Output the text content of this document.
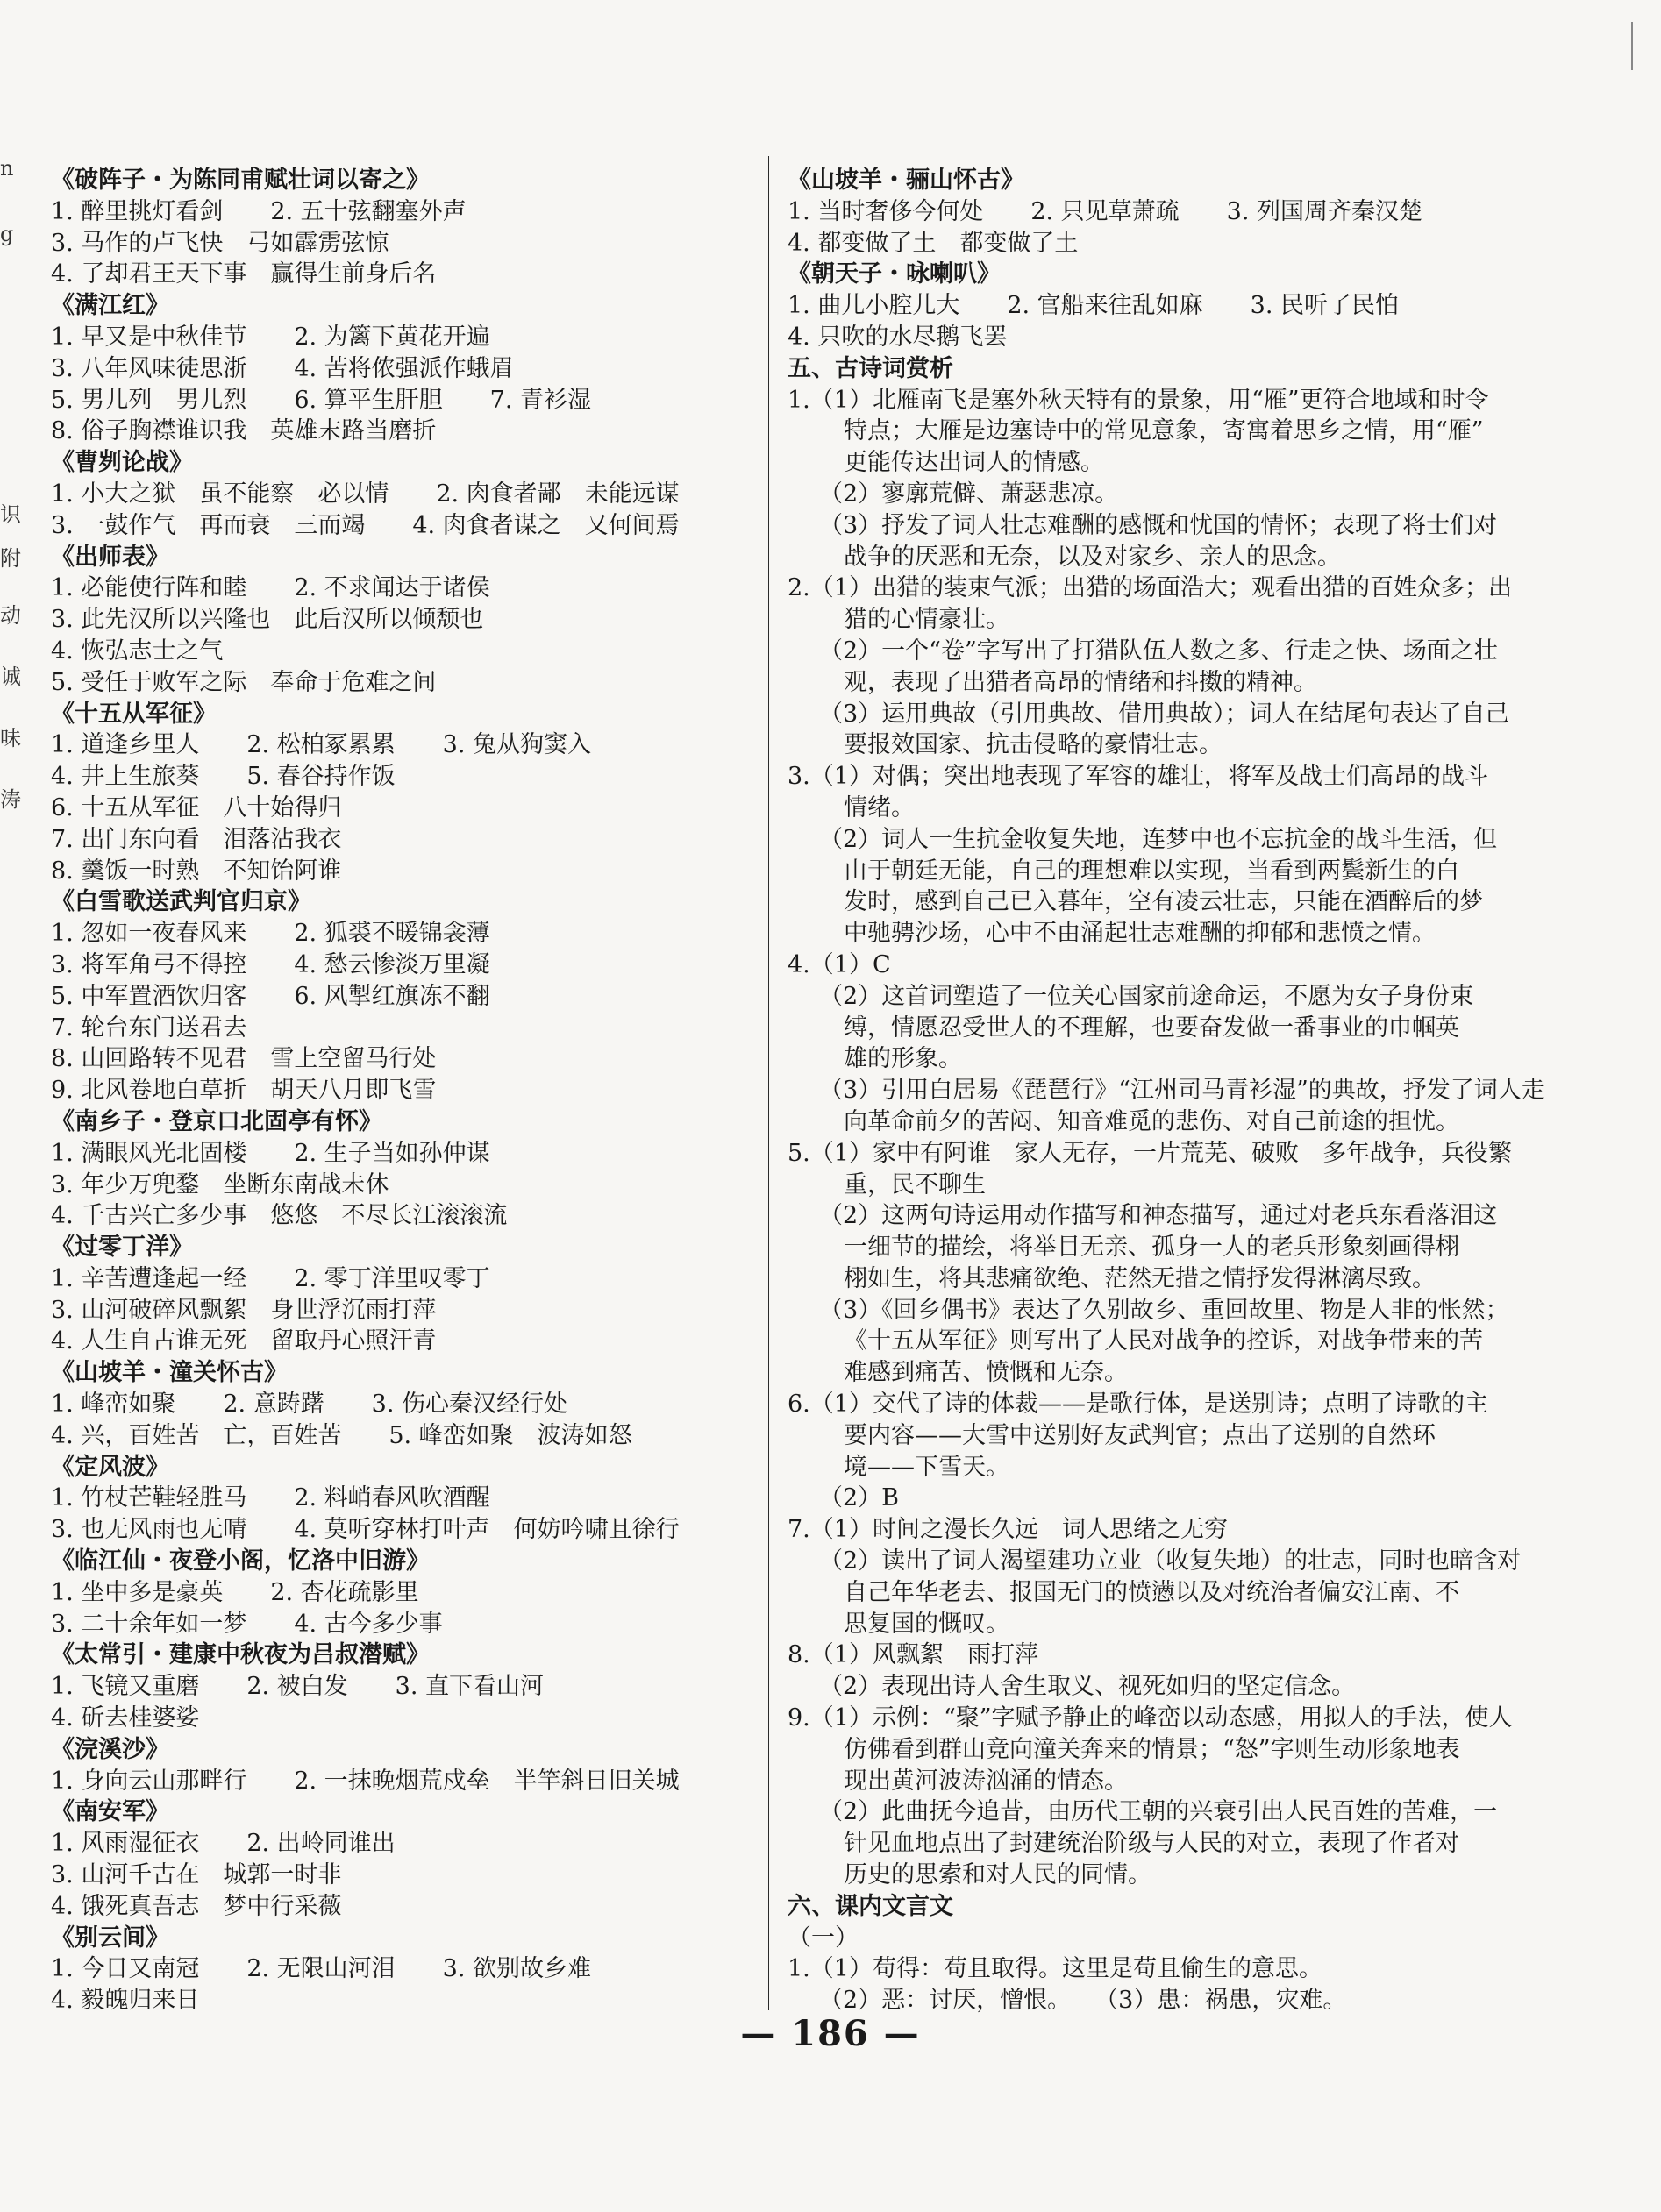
n
g
识
附
动
诚
味
涛
《破阵子・为陈同甫赋壮词以寄之》
1. 醉里挑灯看剑　　2. 五十弦翻塞外声
3. 马作的卢飞快　弓如霹雳弦惊
4. 了却君王天下事　赢得生前身后名
《满江红》
1. 早又是中秋佳节　　2. 为篱下黄花开遍
3. 八年风味徒思浙　　4. 苦将侬强派作蛾眉
5. 男儿列　男儿烈　　6. 算平生肝胆　　7. 青衫湿
8. 俗子胸襟谁识我　英雄末路当磨折
《曹刿论战》
1. 小大之狱　虽不能察　必以情　　2. 肉食者鄙　未能远谋
3. 一鼓作气　再而衰　三而竭　　4. 肉食者谋之　又何间焉
《出师表》
1. 必能使行阵和睦　　2. 不求闻达于诸侯
3. 此先汉所以兴隆也　此后汉所以倾颓也
4. 恢弘志士之气
5. 受任于败军之际　奉命于危难之间
《十五从军征》
1. 道逢乡里人　　2. 松柏冢累累　　3. 兔从狗窦入
4. 井上生旅葵　　5. 春谷持作饭
6. 十五从军征　八十始得归
7. 出门东向看　泪落沾我衣
8. 羹饭一时熟　不知饴阿谁
《白雪歌送武判官归京》
1. 忽如一夜春风来　　2. 狐裘不暖锦衾薄
3. 将军角弓不得控　　4. 愁云惨淡万里凝
5. 中军置酒饮归客　　6. 风掣红旗冻不翻
7. 轮台东门送君去
8. 山回路转不见君　雪上空留马行处
9. 北风卷地白草折　胡天八月即飞雪
《南乡子・登京口北固亭有怀》
1. 满眼风光北固楼　　2. 生子当如孙仲谋
3. 年少万兜鍪　坐断东南战未休
4. 千古兴亡多少事　悠悠　不尽长江滚滚流
《过零丁洋》
1. 辛苦遭逢起一经　　2. 零丁洋里叹零丁
3. 山河破碎风飘絮　身世浮沉雨打萍
4. 人生自古谁无死　留取丹心照汗青
《山坡羊・潼关怀古》
1. 峰峦如聚　　2. 意踌躇　　3. 伤心秦汉经行处
4. 兴，百姓苦　亡，百姓苦　　5. 峰峦如聚　波涛如怒
《定风波》
1. 竹杖芒鞋轻胜马　　2. 料峭春风吹酒醒
3. 也无风雨也无晴　　4. 莫听穿林打叶声　何妨吟啸且徐行
《临江仙・夜登小阁，忆洛中旧游》
1. 坐中多是豪英　　2. 杏花疏影里
3. 二十余年如一梦　　4. 古今多少事
《太常引・建康中秋夜为吕叔潜赋》
1. 飞镜又重磨　　2. 被白发　　3. 直下看山河
4. 斫去桂婆娑
《浣溪沙》
1. 身向云山那畔行　　2. 一抹晚烟荒戍垒　半竿斜日旧关城
《南安军》
1. 风雨湿征衣　　2. 出岭同谁出
3. 山河千古在　城郭一时非
4. 饿死真吾志　梦中行采薇
《别云间》
1. 今日又南冠　　2. 无限山河泪　　3. 欲别故乡难
4. 毅魄归来日
《山坡羊・骊山怀古》
1. 当时奢侈今何处　　2. 只见草萧疏　　3. 列国周齐秦汉楚
4. 都变做了土　都变做了土
《朝天子・咏喇叭》
1. 曲儿小腔儿大　　2. 官船来往乱如麻　　3. 民听了民怕
4. 只吹的水尽鹅飞罢
五、古诗词赏析
1.（1）北雁南飞是塞外秋天特有的景象，用“雁”更符合地域和时令
特点；大雁是边塞诗中的常见意象，寄寓着思乡之情，用“雁”
更能传达出词人的情感。
（2）寥廓荒僻、萧瑟悲凉。
（3）抒发了词人壮志难酬的感慨和忧国的情怀；表现了将士们对
战争的厌恶和无奈，以及对家乡、亲人的思念。
2.（1）出猎的装束气派；出猎的场面浩大；观看出猎的百姓众多；出
猎的心情豪壮。
（2）一个“卷”字写出了打猎队伍人数之多、行走之快、场面之壮
观，表现了出猎者高昂的情绪和抖擞的精神。
（3）运用典故（引用典故、借用典故）；词人在结尾句表达了自己
要报效国家、抗击侵略的豪情壮志。
3.（1）对偶；突出地表现了军容的雄壮，将军及战士们高昂的战斗
情绪。
（2）词人一生抗金收复失地，连梦中也不忘抗金的战斗生活，但
由于朝廷无能，自己的理想难以实现，当看到两鬓新生的白
发时，感到自己已入暮年，空有凌云壮志，只能在酒醉后的梦
中驰骋沙场，心中不由涌起壮志难酬的抑郁和悲愤之情。
4.（1）C
（2）这首词塑造了一位关心国家前途命运，不愿为女子身份束
缚，情愿忍受世人的不理解，也要奋发做一番事业的巾帼英
雄的形象。
（3）引用白居易《琵琶行》“江州司马青衫湿”的典故，抒发了词人走
向革命前夕的苦闷、知音难觅的悲伤、对自己前途的担忧。
5.（1）家中有阿谁　家人无存，一片荒芜、破败　多年战争，兵役繁
重，民不聊生
（2）这两句诗运用动作描写和神态描写，通过对老兵东看落泪这
一细节的描绘，将举目无亲、孤身一人的老兵形象刻画得栩
栩如生，将其悲痛欲绝、茫然无措之情抒发得淋漓尽致。
（3）《回乡偶书》表达了久别故乡、重回故里、物是人非的怅然；
《十五从军征》则写出了人民对战争的控诉，对战争带来的苦
难感到痛苦、愤慨和无奈。
6.（1）交代了诗的体裁——是歌行体，是送别诗；点明了诗歌的主
要内容——大雪中送别好友武判官；点出了送别的自然环
境——下雪天。
（2）B
7.（1）时间之漫长久远　词人思绪之无穷
（2）读出了词人渴望建功立业（收复失地）的壮志，同时也暗含对
自己年华老去、报国无门的愤懑以及对统治者偏安江南、不
思复国的慨叹。
8.（1）风飘絮　雨打萍
（2）表现出诗人舍生取义、视死如归的坚定信念。
9.（1）示例：“聚”字赋予静止的峰峦以动态感，用拟人的手法，使人
仿佛看到群山竞向潼关奔来的情景；“怒”字则生动形象地表
现出黄河波涛汹涌的情态。
（2）此曲抚今追昔，由历代王朝的兴衰引出人民百姓的苦难，一
针见血地点出了封建统治阶级与人民的对立，表现了作者对
历史的思索和对人民的同情。
六、课内文言文
（一）
1.（1）苟得：苟且取得。这里是苟且偷生的意思。
（2）恶：讨厌，憎恨。　　（3）患：祸患，灾难。
— 186 —
